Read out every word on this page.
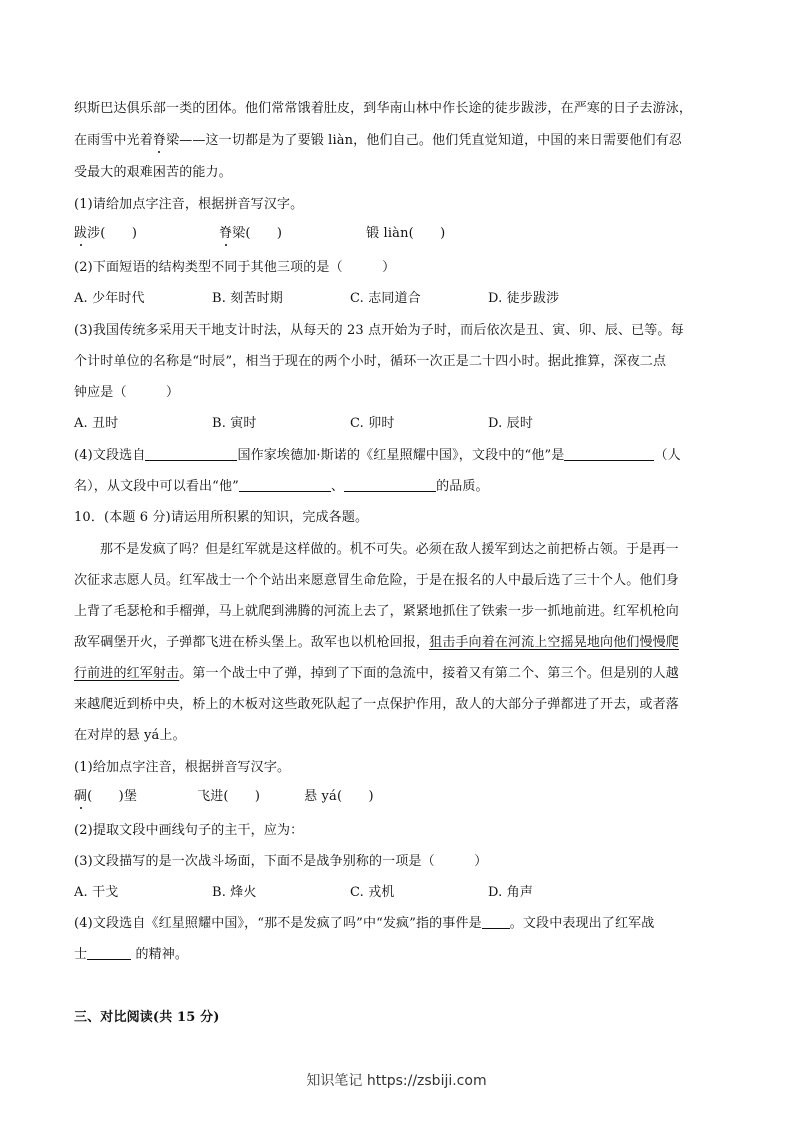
织斯巴达俱乐部一类的团体。他们常常饿着肚皮，到华南山林中作长途的徒步跋涉，在严寒的日子去游泳，
在雨雪中光着脊梁——这一切都是为了要锻 liàn，他们自己。他们凭直觉知道，中国的来日需要他们有忍
受最大的艰难困苦的能力。
(1)请给加点字注音，根据拼音写汉字。
跋涉(　　)	脊梁(　　)	锻 liàn(　　)
(2)下面短语的结构类型不同于其他三项的是（　　　）
A. 少年时代	B. 刻苦时期	C. 志同道合	D. 徒步跋涉
(3)我国传统多采用天干地支计时法，从每天的 23 点开始为子时，而后依次是丑、寅、卯、辰、已等。每
个计时单位的名称是“时辰”，相当于现在的两个小时，循环一次正是二十四小时。据此推算，深夜二点
钟应是（　　　）
A. 丑时	B. 寅时	C. 卯时	D. 辰时
(4)文段选自	国作家埃德加·斯诺的《红星照耀中国》，文段中的“他”是	（人
名），从文段中可以看出“他”	、	的品质。
10．(本题 6 分)请运用所积累的知识，完成各题。
那不是发疯了吗？但是红军就是这样做的。机不可失。必须在敌人援军到达之前把桥占领。于是再一
次征求志愿人员。红军战士一个个站出来愿意冒生命危险，于是在报名的人中最后选了三十个人。他们身
上背了毛瑟枪和手榴弹，马上就爬到沸腾的河流上去了，紧紧地抓住了铁索一步一抓地前进。红军机枪向
敌军碉堡开火，子弹都飞进在桥头堡上。敌军也以机枪回报，狙击手向着在河流上空摇晃地向他们慢慢爬
行前进的红军射击。第一个战士中了弹，掉到了下面的急流中，接着又有第二个、第三个。但是别的人越
来越爬近到桥中央，桥上的木板对这些敢死队起了一点保护作用，敌人的大部分子弹都进了开去，或者落
在对岸的悬 yá上。
(1)给加点字注音，根据拼音写汉字。
碉(　　)堡	飞进(　　)	悬 yá(　　)
(2)提取文段中画线句子的主干，应为：
(3)文段描写的是一次战斗场面，下面不是战争别称的一项是（　　　）
A. 干戈	B. 烽火	C. 戎机	D. 角声
(4)文段选自《红星照耀中国》，“那不是发疯了吗”中“发疯”指的事件是 。文段中表现出了红军战
士	的精神。
三、对比阅读(共 15 分)
知识笔记 https://zsbiji.com
